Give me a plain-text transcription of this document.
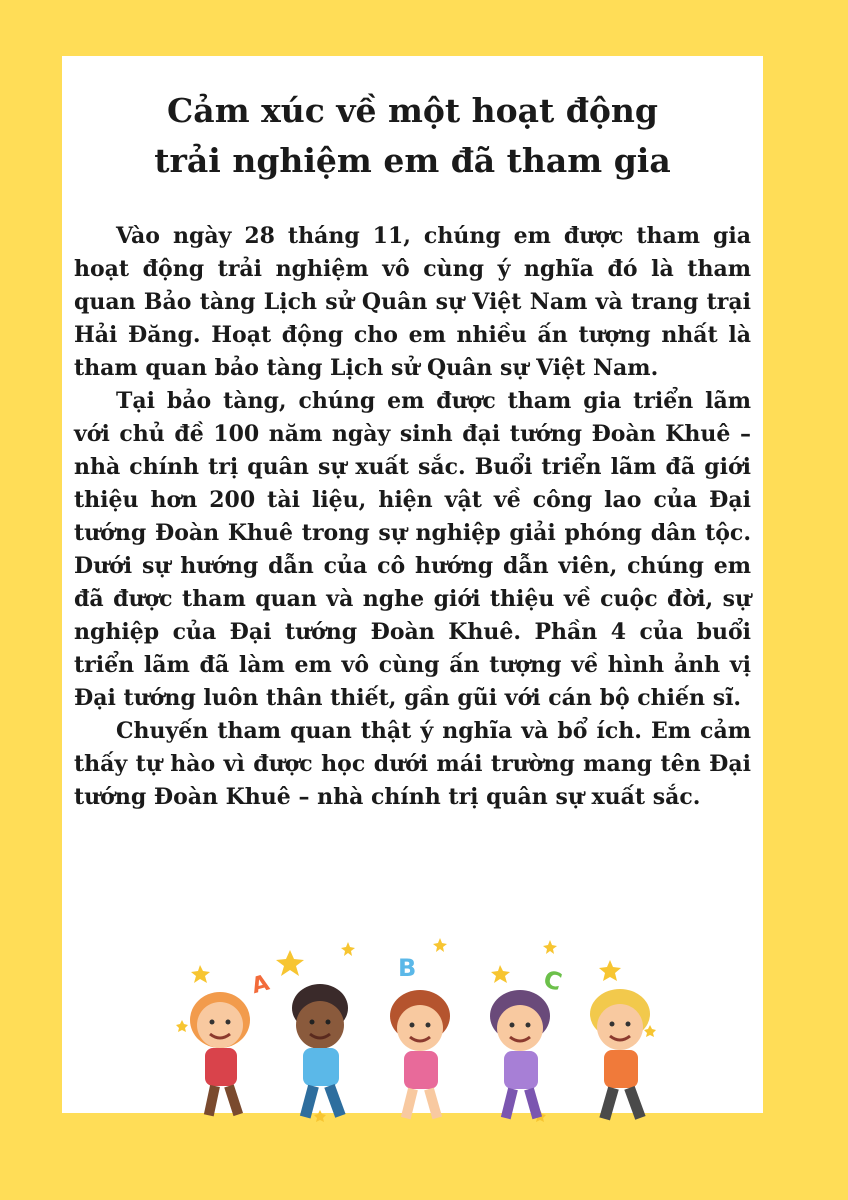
Cảm xúc về một hoạt động
trải nghiệm em đã tham gia

Vào ngày 28 tháng 11, chúng em được tham gia hoạt động trải nghiệm vô cùng ý nghĩa đó là tham quan Bảo tàng Lịch sử Quân sự Việt Nam và trang trại Hải Đăng. Hoạt động cho em nhiều ấn tượng nhất là tham quan bảo tàng Lịch sử Quân sự Việt Nam.

Tại bảo tàng, chúng em được tham gia triển lãm với chủ đề 100 năm ngày sinh đại tướng Đoàn Khuê – nhà chính trị quân sự xuất sắc. Buổi triển lãm đã giới thiệu hơn 200 tài liệu, hiện vật về công lao của Đại tướng Đoàn Khuê trong sự nghiệp giải phóng dân tộc. Dưới sự hướng dẫn của cô hướng dẫn viên, chúng em đã được tham quan và nghe giới thiệu về cuộc đời, sự nghiệp của Đại tướng Đoàn Khuê. Phần 4 của buổi triển lãm đã làm em vô cùng ấn tượng về hình ảnh vị Đại tướng luôn thân thiết, gần gũi với cán bộ chiến sĩ.

Chuyến tham quan thật ý nghĩa và bổ ích. Em cảm thấy tự hào vì được học dưới mái trường mang tên Đại tướng Đoàn Khuê – nhà chính trị quân sự xuất sắc.

A
B	C
